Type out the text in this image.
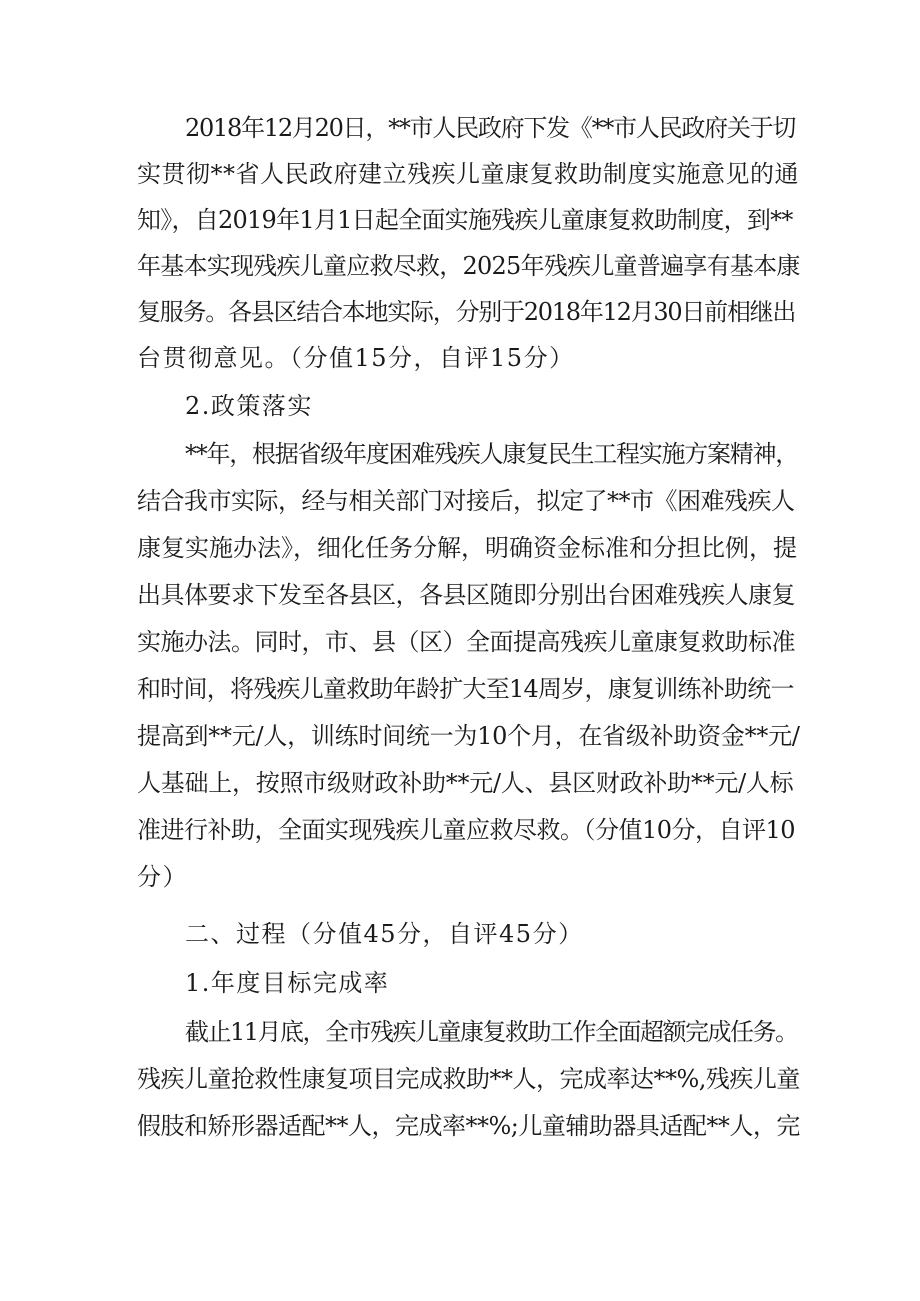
2018年12月20日，**市人民政府下发《**市人民政府关于切
实贯彻**省人民政府建立残疾儿童康复救助制度实施意见的通
知》，自2019年1月1日起全面实施残疾儿童康复救助制度，到**
年基本实现残疾儿童应救尽救，2025年残疾儿童普遍享有基本康
复服务。各县区结合本地实际，分别于2018年12月30日前相继出
台贯彻意见。（分值15分，自评15分）
2.政策落实
**年，根据省级年度困难残疾人康复民生工程实施方案精神，
结合我市实际，经与相关部门对接后，拟定了**市《困难残疾人
康复实施办法》，细化任务分解，明确资金标准和分担比例，提
出具体要求下发至各县区，各县区随即分别出台困难残疾人康复
实施办法。同时，市、县（区）全面提高残疾儿童康复救助标准
和时间，将残疾儿童救助年龄扩大至14周岁，康复训练补助统一
提高到**元/人，训练时间统一为10个月，在省级补助资金**元/
人基础上，按照市级财政补助**元/人、县区财政补助**元/人标
准进行补助，全面实现残疾儿童应救尽救。（分值10分，自评10
分）
二、过程（分值45分，自评45分）
1.年度目标完成率
截止11月底，全市残疾儿童康复救助工作全面超额完成任务。
残疾儿童抢救性康复项目完成救助**人，完成率达**%,残疾儿童
假肢和矫形器适配**人，完成率**%;儿童辅助器具适配**人，完
